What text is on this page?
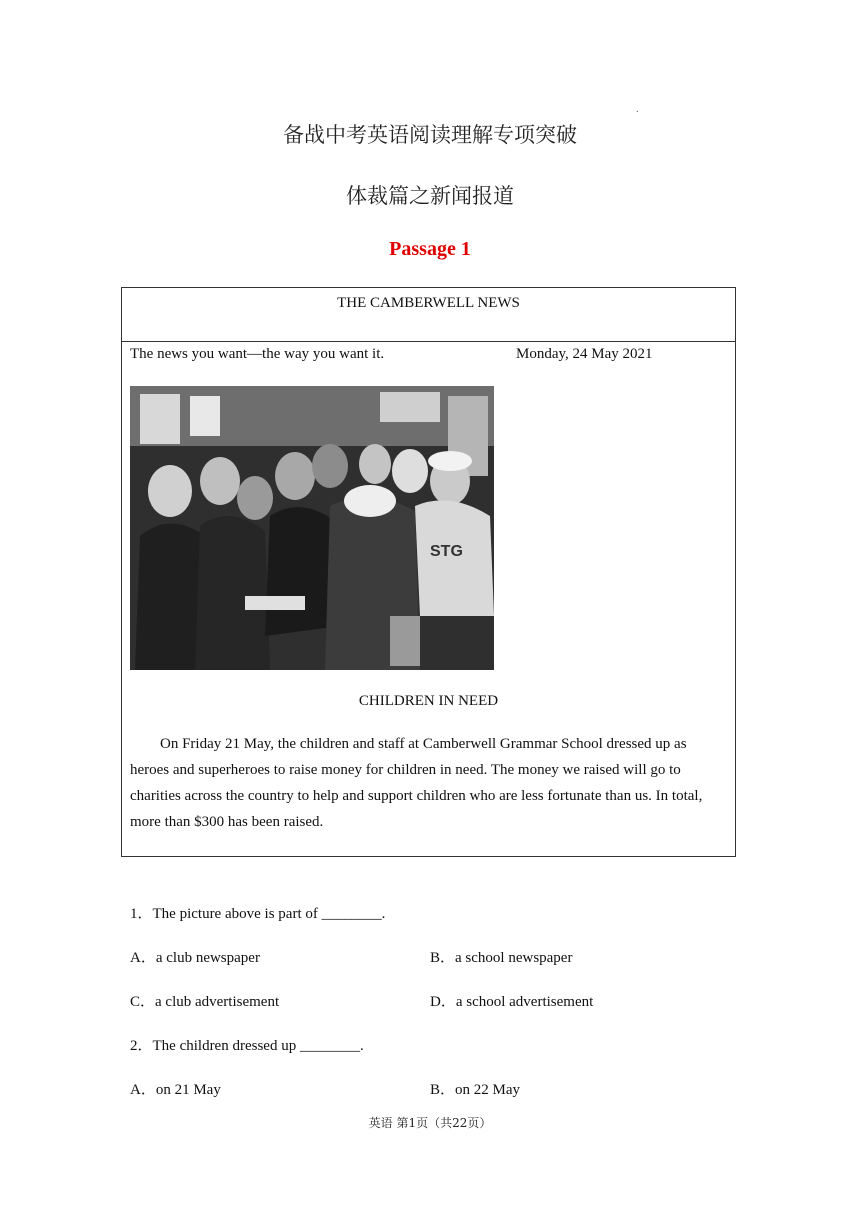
备战中考英语阅读理解专项突破
.
体裁篇之新闻报道
Passage 1
THE CAMBERWELL NEWS
The news you want—the way you want it.	Monday, 24 May 2021
STG
CHILDREN IN NEED
On Friday 21 May, the children and staff at Camberwell Grammar School dressed up as heroes and superheroes to raise money for children in need. The money we raised will go to charities across the country to help and support children who are less fortunate than us. In total, more than $300 has been raised.
1．The picture above is part of ________.
A．a club newspaper	B．a school newspaper
C．a club advertisement	D．a school advertisement
2．The children dressed up ________.
A．on 21 May	B．on 22 May
英语 第1页（共22页）
